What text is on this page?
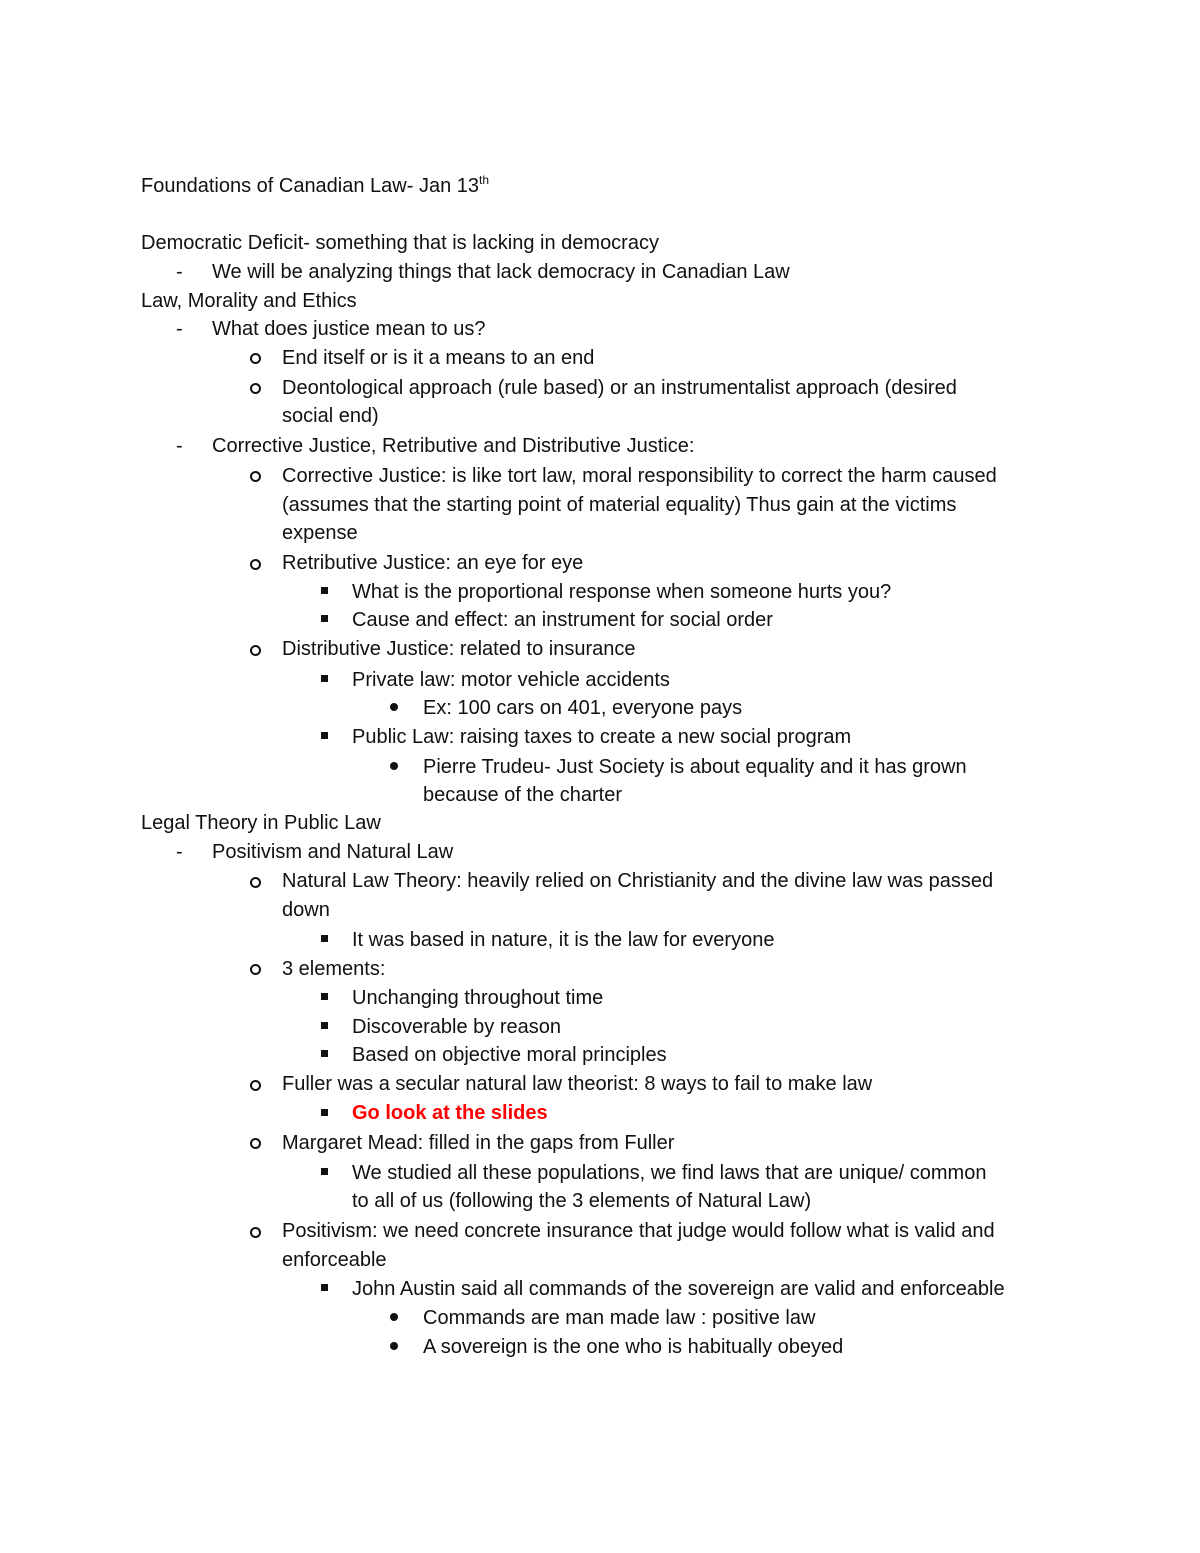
Foundations of Canadian Law- Jan 13th
Democratic Deficit- something that is lacking in democracy
- We will be analyzing things that lack democracy in Canadian Law
Law, Morality and Ethics
- What does justice mean to us?
End itself or is it a means to an end
Deontological approach (rule based) or an instrumentalist approach (desired
social end)
- Corrective Justice, Retributive and Distributive Justice:
Corrective Justice: is like tort law, moral responsibility to correct the harm caused
(assumes that the starting point of material equality) Thus gain at the victims
expense
Retributive Justice: an eye for eye
What is the proportional response when someone hurts you?
Cause and effect: an instrument for social order
Distributive Justice: related to insurance
Private law: motor vehicle accidents
Ex: 100 cars on 401, everyone pays
Public Law: raising taxes to create a new social program
Pierre Trudeu- Just Society is about equality and it has grown
because of the charter
Legal Theory in Public Law
- Positivism and Natural Law
Natural Law Theory: heavily relied on Christianity and the divine law was passed
down
It was based in nature, it is the law for everyone
3 elements:
Unchanging throughout time
Discoverable by reason
Based on objective moral principles
Fuller was a secular natural law theorist: 8 ways to fail to make law
Go look at the slides
Margaret Mead: filled in the gaps from Fuller
We studied all these populations, we find laws that are unique/ common
to all of us (following the 3 elements of Natural Law)
Positivism: we need concrete insurance that judge would follow what is valid and
enforceable
John Austin said all commands of the sovereign are valid and enforceable
Commands are man made law : positive law
A sovereign is the one who is habitually obeyed
